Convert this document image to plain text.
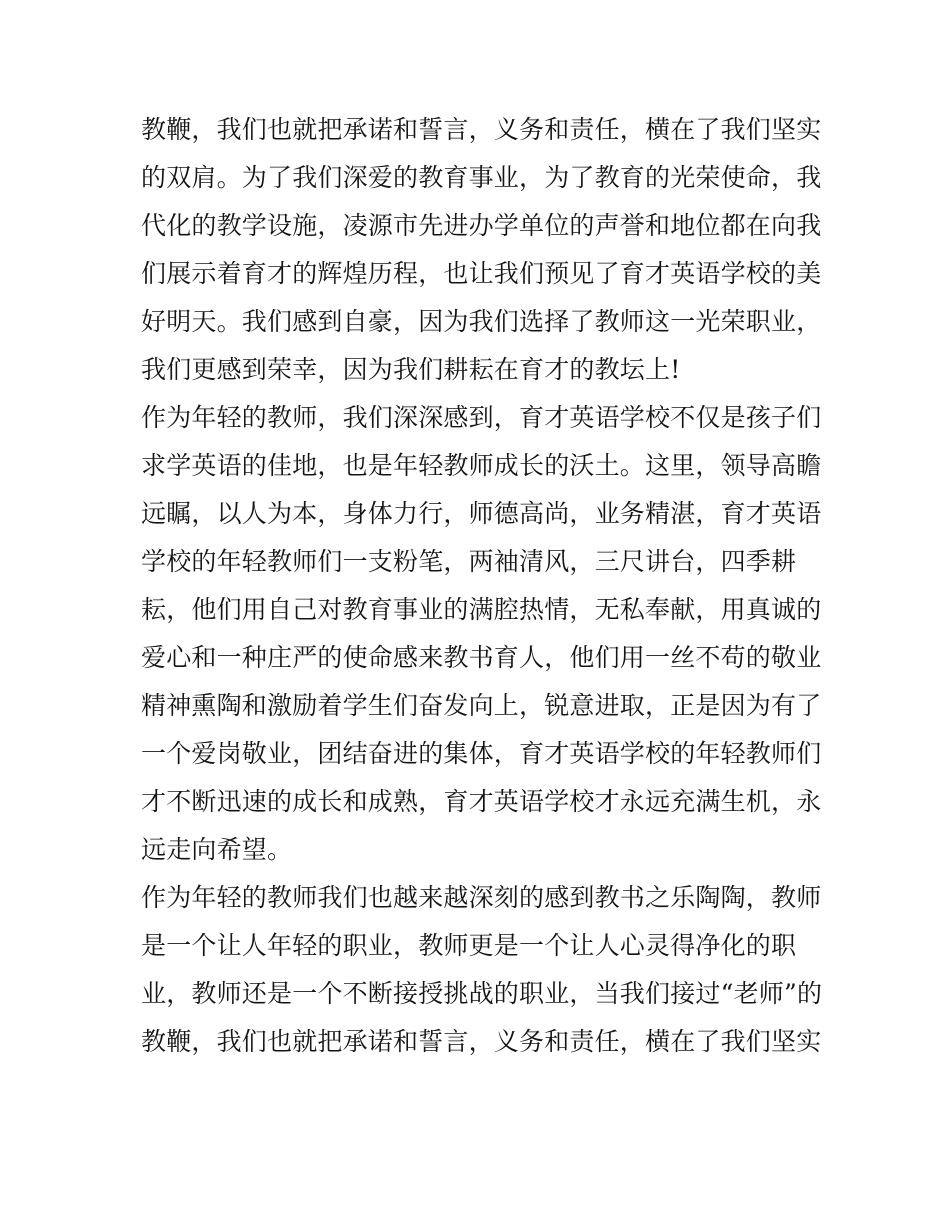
教鞭，我们也就把承诺和誓言，义务和责任，横在了我们坚实
的双肩。为了我们深爱的教育事业，为了教育的光荣使命，我
代化的教学设施，凌源市先进办学单位的声誉和地位都在向我
们展示着育才的辉煌历程，也让我们预见了育才英语学校的美
好明天。我们感到自豪，因为我们选择了教师这一光荣职业，
我们更感到荣幸，因为我们耕耘在育才的教坛上!
作为年轻的教师，我们深深感到，育才英语学校不仅是孩子们
求学英语的佳地，也是年轻教师成长的沃土。这里，领导高瞻
远瞩，以人为本，身体力行，师德高尚，业务精湛，育才英语
学校的年轻教师们一支粉笔，两袖清风，三尺讲台，四季耕
耘，他们用自己对教育事业的满腔热情，无私奉献，用真诚的
爱心和一种庄严的使命感来教书育人，他们用一丝不苟的敬业
精神熏陶和激励着学生们奋发向上，锐意进取，正是因为有了
一个爱岗敬业，团结奋进的集体，育才英语学校的年轻教师们
才不断迅速的成长和成熟，育才英语学校才永远充满生机，永
远走向希望。
作为年轻的教师我们也越来越深刻的感到教书之乐陶陶，教师
是一个让人年轻的职业，教师更是一个让人心灵得净化的职
业，教师还是一个不断接授挑战的职业，当我们接过“老师”的
教鞭，我们也就把承诺和誓言，义务和责任，横在了我们坚实
